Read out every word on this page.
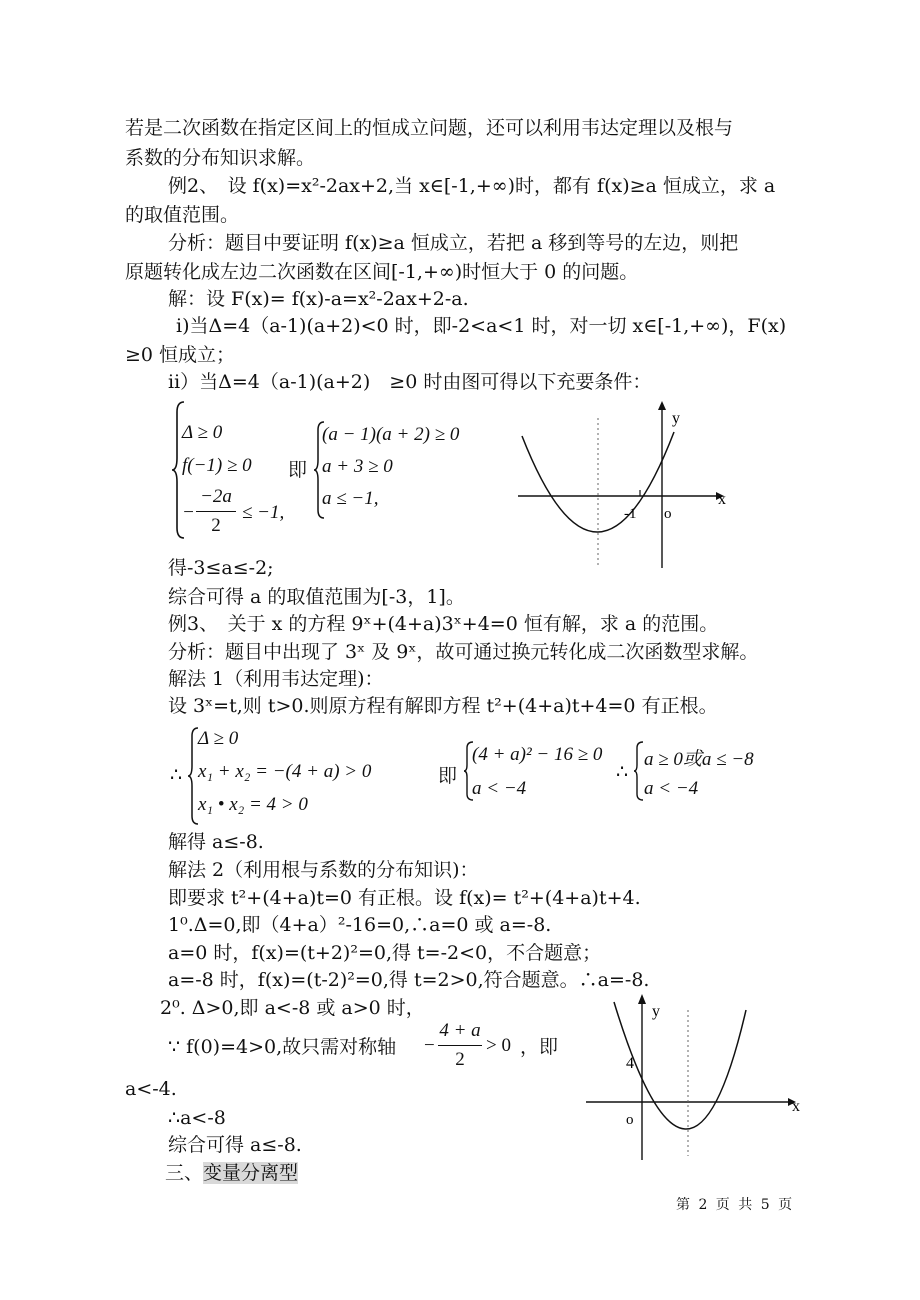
若是二次函数在指定区间上的恒成立问题，还可以利用韦达定理以及根与
系数的分布知识求解。
例2、　设 f(x)=x²-2ax+2,当 x∈[-1,+∞)时，都有 f(x)≥a 恒成立，求 a
的取值范围。
分析：题目中要证明 f(x)≥a 恒成立，若把 a 移到等号的左边，则把
原题转化成左边二次函数在区间[-1,+∞)时恒大于 0 的问题。
解：设 F(x)= f(x)-a=x²-2ax+2-a.
ⅰ)当Δ=4（a-1)(a+2)<0 时，即-2<a<1 时，对一切 x∈[-1,+∞)，F(x)
≥0 恒成立；
ⅱ）当Δ=4（a-1)(a+2)　≥0 时由图可得以下充要条件：
Δ ≥ 0
f(−1) ≥ 0
−
−2a
2
≤ −1,
即
(a − 1)(a + 2) ≥ 0
a + 3 ≥ 0
a ≤ −1,
y
x
-1 o
得-3≤a≤-2;
综合可得 a 的取值范围为[-3，1]。
例3、　关于 x 的方程 9ˣ+(4+a)3ˣ+4=0 恒有解，求 a 的范围。
分析：题目中出现了 3ˣ 及 9ˣ，故可通过换元转化成二次函数型求解。
解法 1（利用韦达定理)：
设 3ˣ=t,则 t>0.则原方程有解即方程 t²+(4+a)t+4=0 有正根。
∴
Δ ≥ 0
x₁ + x₂ = −(4 + a) > 0
x₁ • x₂ = 4 > 0
即
(4 + a)² − 16 ≥ 0
a < −4
∴
a ≥ 0或a ≤ −8
a < −4
解得 a≤-8.
解法 2（利用根与系数的分布知识)：
即要求 t²+(4+a)t=0 有正根。设 f(x)= t²+(4+a)t+4.
1⁰.Δ=0,即（4+a）²-16=0,∴a=0 或 a=-8.
a=0 时，f(x)=(t+2)²=0,得 t=-2<0，不合题意；
a=-8 时，f(x)=(t-2)²=0,得 t=2>0,符合题意。∴a=-8.
2⁰. Δ>0,即 a<-8 或 a>0 时，
∵ f(0)=4>0,故只需对称轴 −
4 + a
2
> 0 ，即
a<-4.
∴a<-8
综合可得 a≤-8.
三、变量分离型
y
x
4
o
第 2 页 共 5 页
